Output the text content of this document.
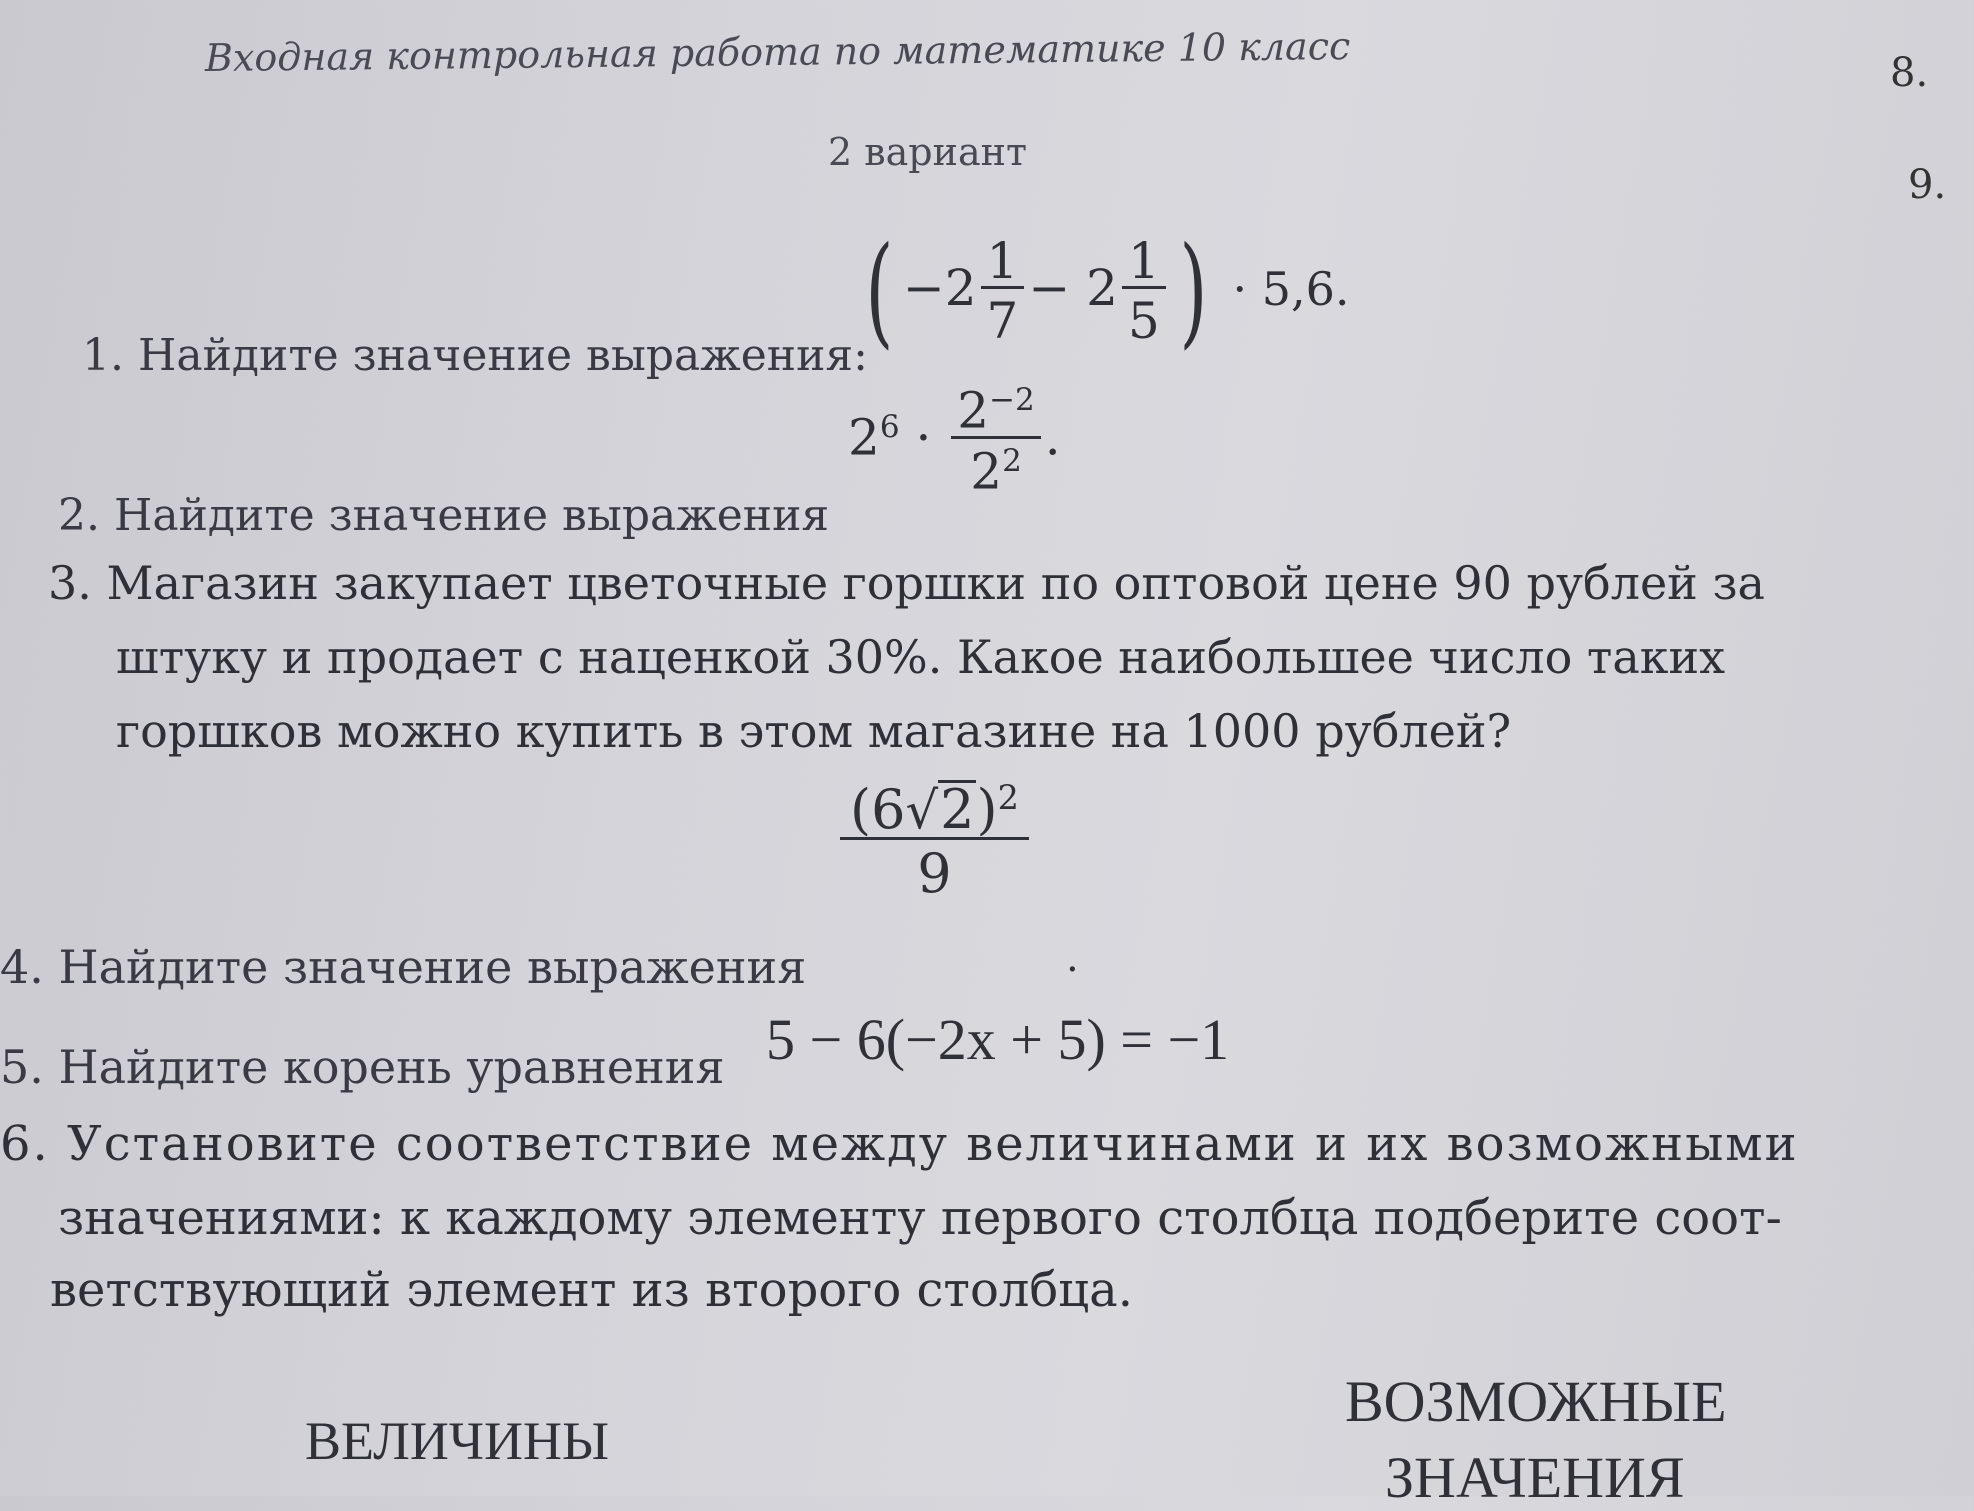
Входная контрольная работа по математике 10 класс
2 вариант
8.
9.
1. Найдите значение выражения:
( $-2 \frac{1}{7} - 2 \frac{1}{5}$ ) · 5,6.
2. Найдите значение выражения
$2^6 \cdot \frac{2^{-2}}{2^2}$ .
3. Магазин закупает цветочные горшки по оптовой цене 90 рублей за
штуку и продает с наценкой 30%. Какое наибольшее число таких
горшков можно купить в этом магазине на 1000 рублей?
$\frac{(6√2)^2}{9}$
4. Найдите значение выражения	.
5. Найдите корень уравнения 5 − 6(−2x + 5) = −1
6. Установите соответствие между величинами и их возможными
значениями: к каждому элементу первого столбца подберите соот-
ветствующий элемент из второго столбца.
ВЕЛИЧИНЫ
ВОЗМОЖНЫЕ
ЗНАЧЕНИЯ
